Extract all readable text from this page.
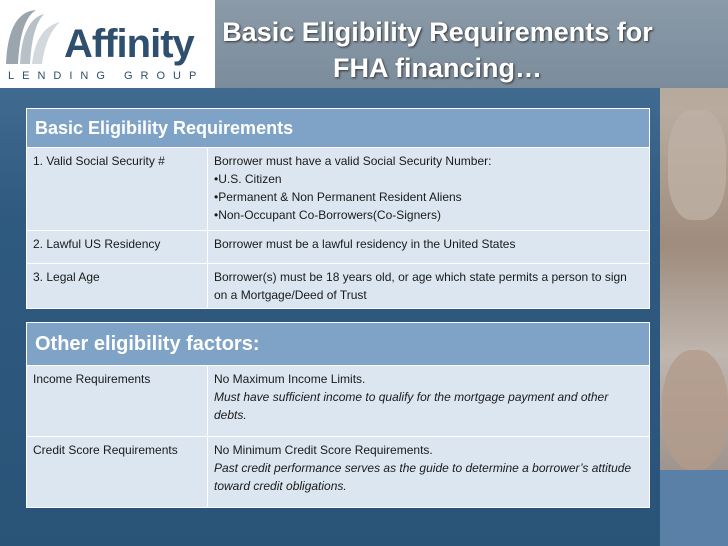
Basic Eligibility Requirements for FHA financing…
Affinity
LENDING GROUP
Basic Eligibility Requirements	
1. Valid Social Security #	Borrower must have a valid Social Security Number:
•U.S. Citizen
•Permanent & Non Permanent Resident Aliens
•Non-Occupant Co-Borrowers(Co-Signers)

2. Lawful US Residency	Borrower must be a lawful residency in the United States
3. Legal Age	Borrower(s) must be 18 years old, or age which state permits a person to sign on a Mortgage/Deed of Trust
Other eligibility factors:	
Income Requirements	No Maximum Income Limits.
Must have sufficient income to qualify for the mortgage payment and other debts.

Credit Score Requirements	No Minimum Credit Score Requirements.
Past credit performance serves as the guide to determine a borrower’s attitude toward credit obligations.
